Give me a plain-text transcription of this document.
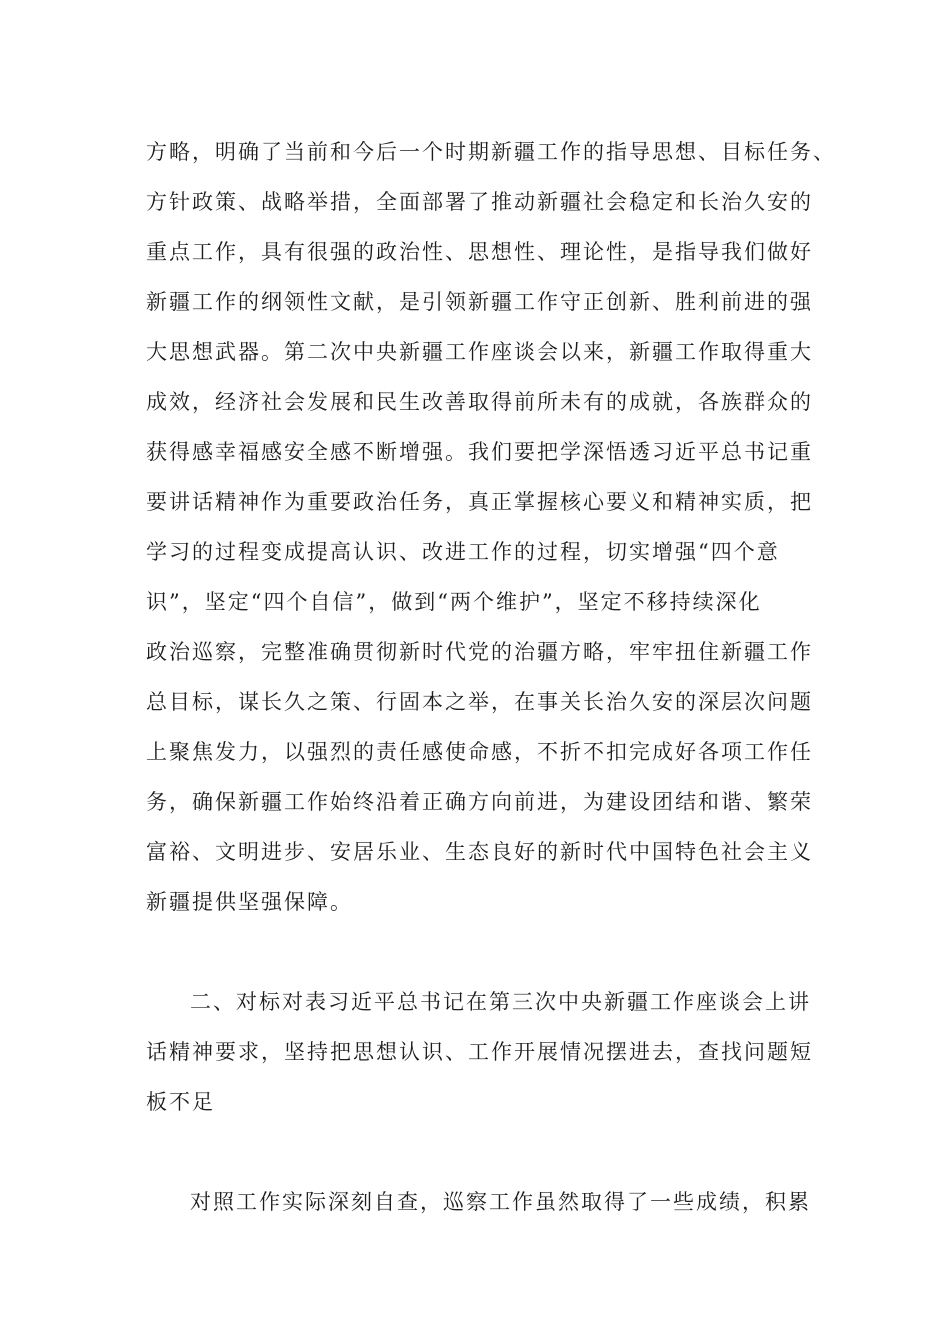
方略，明确了当前和今后一个时期新疆工作的指导思想、目标任务、
方针政策、战略举措，全面部署了推动新疆社会稳定和长治久安的
重点工作，具有很强的政治性、思想性、理论性，是指导我们做好
新疆工作的纲领性文献，是引领新疆工作守正创新、胜利前进的强
大思想武器。第二次中央新疆工作座谈会以来，新疆工作取得重大
成效，经济社会发展和民生改善取得前所未有的成就，各族群众的
获得感幸福感安全感不断增强。我们要把学深悟透习近平总书记重
要讲话精神作为重要政治任务，真正掌握核心要义和精神实质，把
学习的过程变成提高认识、改进工作的过程，切实增强“四个意
识”，坚定“四个自信”，做到“两个维护”，坚定不移持续深化
政治巡察，完整准确贯彻新时代党的治疆方略，牢牢扭住新疆工作
总目标，谋长久之策、行固本之举，在事关长治久安的深层次问题
上聚焦发力，以强烈的责任感使命感，不折不扣完成好各项工作任
务，确保新疆工作始终沿着正确方向前进，为建设团结和谐、繁荣
富裕、文明进步、安居乐业、生态良好的新时代中国特色社会主义
新疆提供坚强保障。
二、对标对表习近平总书记在第三次中央新疆工作座谈会上讲
话精神要求，坚持把思想认识、工作开展情况摆进去，查找问题短
板不足
对照工作实际深刻自查，巡察工作虽然取得了一些成绩，积累
